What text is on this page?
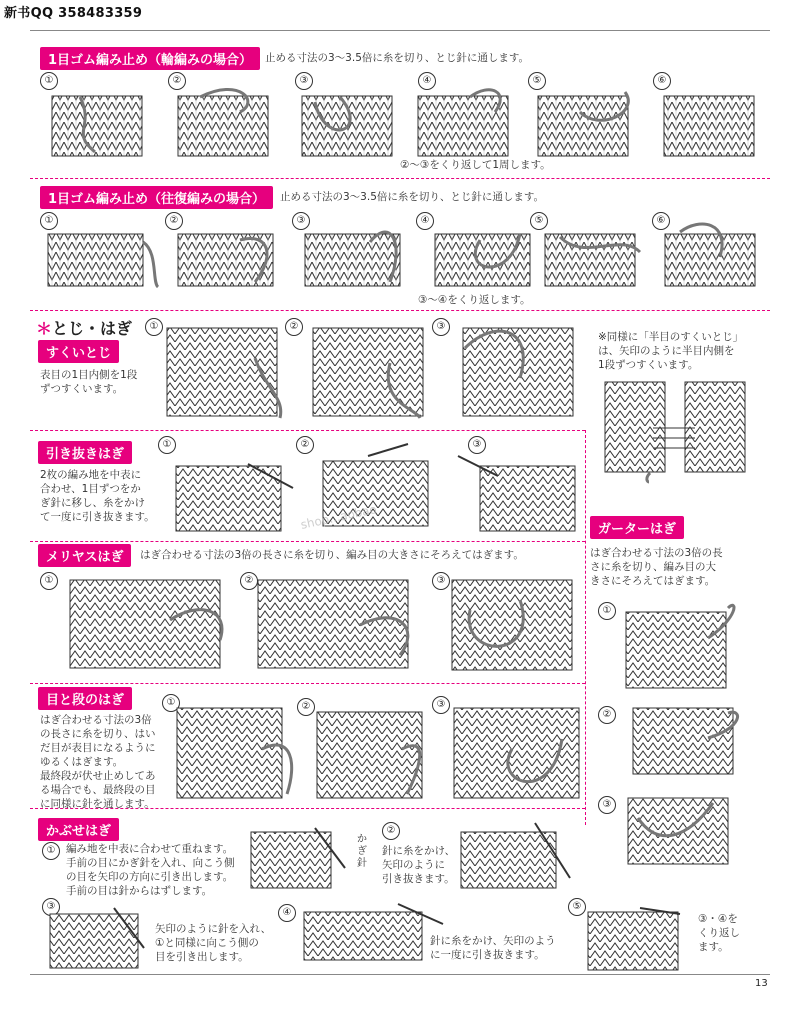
新书QQ 358483359
1目ゴム編み止め（輪編みの場合）	止める寸法の3～3.5倍に糸を切り、とじ針に通します。
①	②	③	④	⑤	⑥
②～③をくり返して1周します。
1目ゴム編み止め（往復編みの場合）	止める寸法の3～3.5倍に糸を切り、とじ針に通します。
①	②	③	④	⑤	⑥
③～④をくり返します。
＊ とじ・はぎ
すくいとじ
表目の1目内側を1段
ずつすくいます。
①	②	③
※同様に「半目のすくいとじ」
は、矢印のように半目内側を
1段ずつすくいます。
引き抜きはぎ
2枚の編み地を中表に
合わせ、1目ずつをか
ぎ針に移し、糸をかけ
て一度に引き抜きます。
①	②	③
shop...aobao	ガーターはぎ
はぎ合わせる寸法の3倍の長
さに糸を切り、編み目の大
きさにそろえてはぎます。
①
②
③
メリヤスはぎ	はぎ合わせる寸法の3倍の長さに糸を切り、編み目の大きさにそろえてはぎます。
①	②	③
目と段のはぎ
はぎ合わせる寸法の3倍
の長さに糸を切り、はい
だ目が表目になるように
ゆるくはぎます。
最終段が伏せ止めしてあ
る場合でも、最終段の目
に同様に針を通します。
①	②	③
かぶせはぎ
①	編み地を中表に合わせて重ねます。
手前の目にかぎ針を入れ、向こう側
の目を矢印の方向に引き出します。
手前の目は針からはずします。
かぎ針
②
針に糸をかけ、
矢印のように
引き抜きます。
③
矢印のように針を入れ、
①と同様に向こう側の
目を引き出します。
④
針に糸をかけ、矢印のよう
に一度に引き抜きます。
⑤
③・④を
くり返し
ます。
13
